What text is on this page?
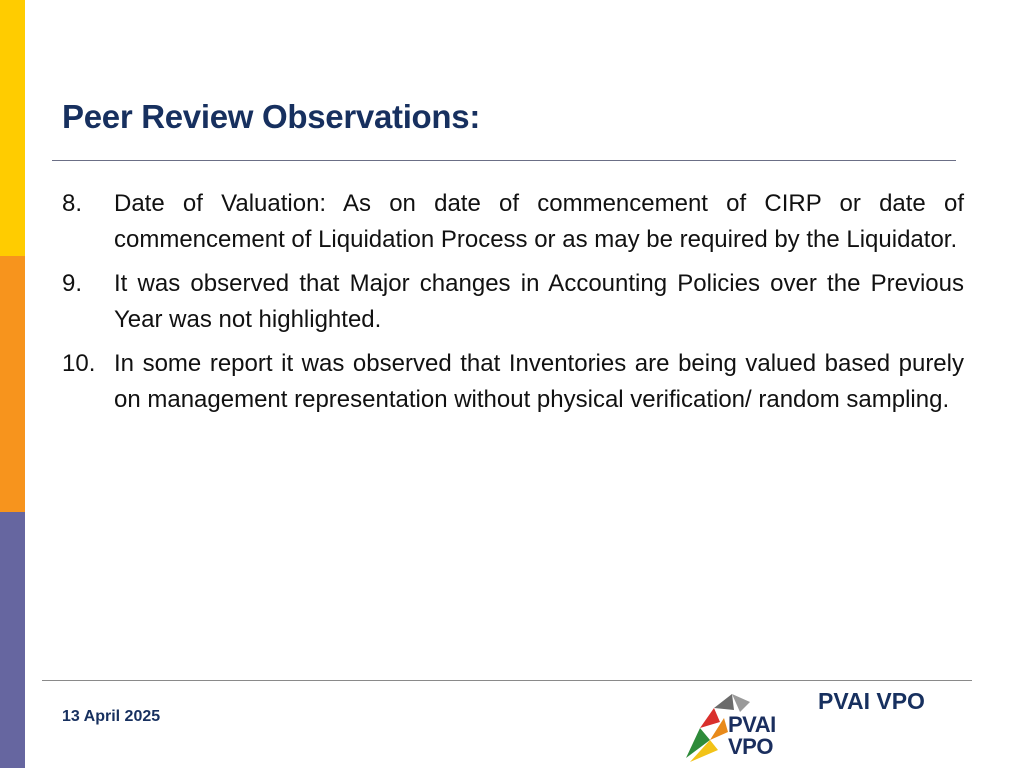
Peer Review Observations:
8. Date of Valuation: As on date of commencement of CIRP or date of commencement of Liquidation Process or as may be required by the Liquidator.
9. It was observed that Major changes in Accounting Policies over the Previous Year was not highlighted.
10. In some report it was observed that Inventories are being valued based purely on management representation without physical verification/ random sampling.
13 April 2025	PVAI
VPO
PVAI VPO
